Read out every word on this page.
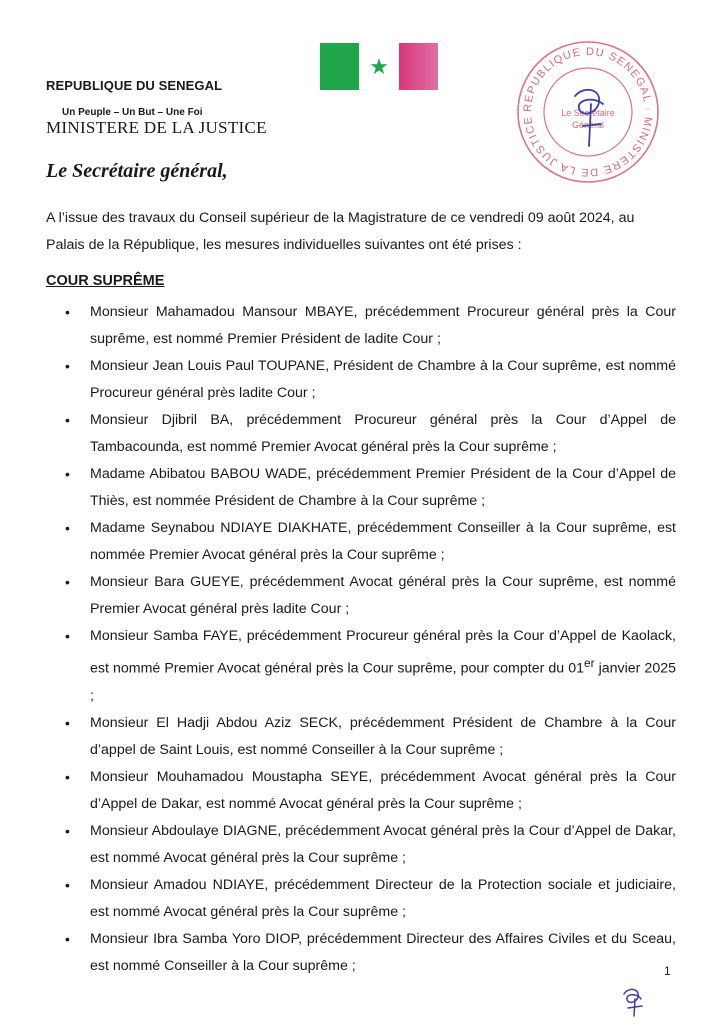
REPUBLIQUE DU SENEGAL
Un Peuple – Un But – Une Foi
MINISTERE DE LA JUSTICE
★
REPUBLIQUE DU SENEGAL · MINISTERE DE LA JUSTICE
Le Secrétaire
Général
Le Secrétaire général,
A l’issue des travaux du Conseil supérieur de la Magistrature de ce vendredi 09 août 2024, au Palais de la République, les mesures individuelles suivantes ont été prises :
COUR SUPRÊME
• Monsieur Mahamadou Mansour MBAYE, précédemment Procureur général près la Cour suprême, est nommé Premier Président de ladite Cour ;
• Monsieur Jean Louis Paul TOUPANE, Président de Chambre à la Cour suprême, est nommé Procureur général près ladite Cour ;
• Monsieur Djibril BA, précédemment Procureur général près la Cour d’Appel de Tambacounda, est nommé Premier Avocat général près la Cour suprême ;
• Madame Abibatou BABOU WADE, précédemment Premier Président de la Cour d’Appel de Thiès, est nommée Président de Chambre à la Cour suprême ;
• Madame Seynabou NDIAYE DIAKHATE, précédemment Conseiller à la Cour suprême, est nommée Premier Avocat général près la Cour suprême ;
• Monsieur Bara GUEYE, précédemment Avocat général près la Cour suprême, est nommé Premier Avocat général près ladite Cour ;
• Monsieur Samba FAYE, précédemment Procureur général près la Cour d’Appel de Kaolack, est nommé Premier Avocat général près la Cour suprême, pour compter du 01er janvier 2025 ;
• Monsieur El Hadji Abdou Aziz SECK, précédemment Président de Chambre à la Cour d’appel de Saint Louis, est nommé Conseiller à la Cour suprême ;
• Monsieur Mouhamadou Moustapha SEYE, précédemment Avocat général près la Cour d’Appel de Dakar, est nommé Avocat général près la Cour suprême ;
• Monsieur Abdoulaye DIAGNE, précédemment Avocat général près la Cour d’Appel de Dakar, est nommé Avocat général près la Cour suprême ;
• Monsieur Amadou NDIAYE, précédemment Directeur de la Protection sociale et judiciaire, est nommé Avocat général près la Cour suprême ;
• Monsieur Ibra Samba Yoro DIOP, précédemment Directeur des Affaires Civiles et du Sceau, est nommé Conseiller à la Cour suprême ;	1
